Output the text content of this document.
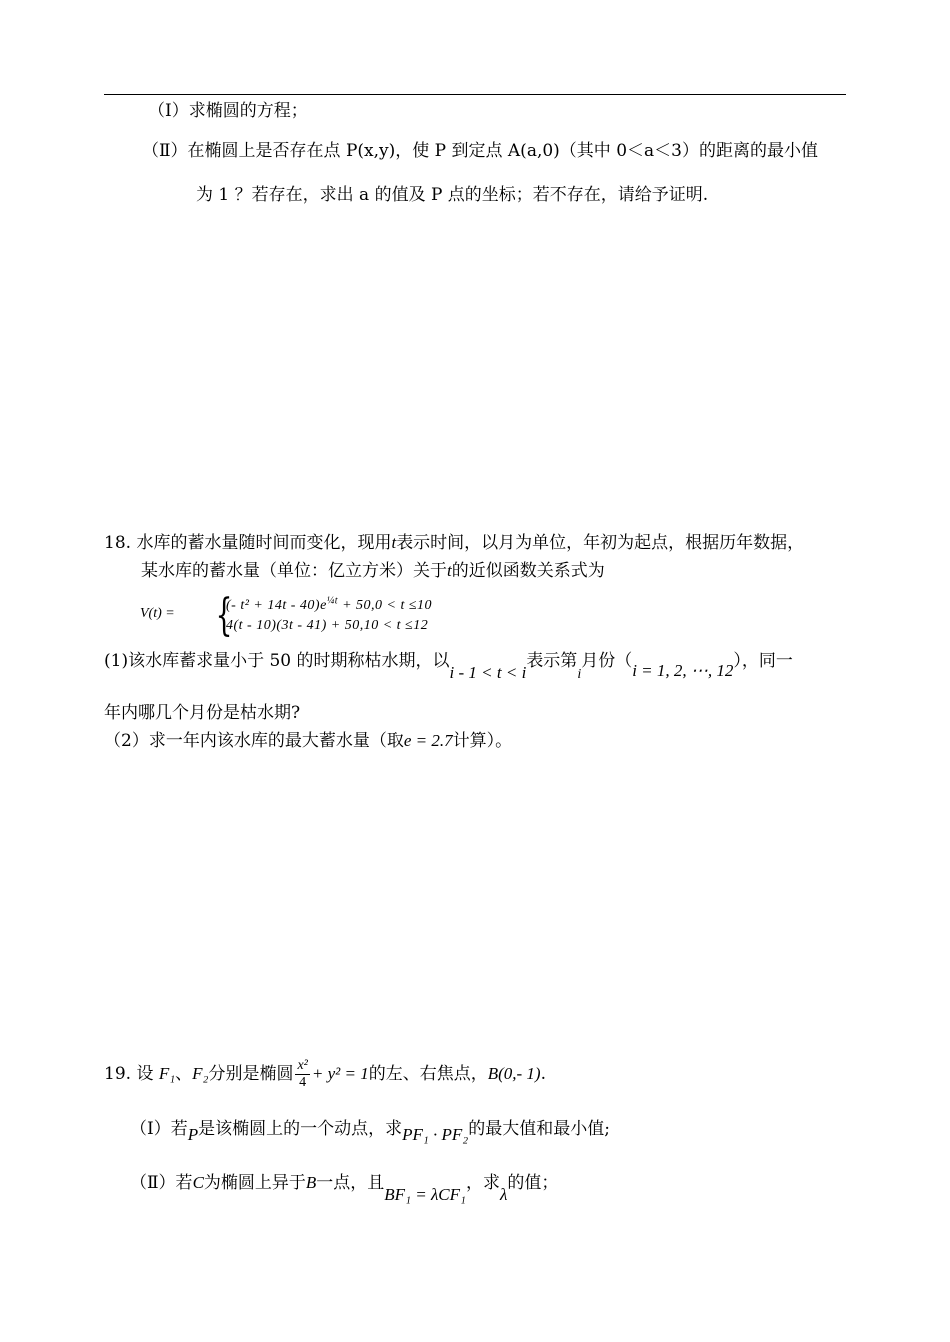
（Ⅰ）求椭圆的方程；
（Ⅱ）在椭圆上是否存在点 P(x,y)，使 P 到定点 A(a,0)（其中 0＜a＜3）的距离的最小值
为 1 ？若存在，求出 a 的值及 P 点的坐标；若不存在，请给予证明.
18. 水库的蓄水量随时间而变化，现用t表示时间，以月为单位，年初为起点，根据历年数据，
某水库的蓄水量（单位：亿立方米）关于t的近似函数关系式为
V(t) = {
(- $t^2 + 14t - 40)e^{\frac{1}{4}t} + 50,0 < t \le 10$
4(t - 10)(3t - 41) + 50,10 < t ≤12
(1)该水库蓄求量小于 50 的时期称枯水期，以i - 1 < t < i表示第$_i$月份（i = 1, 2, ⋯, 12），同一
年内哪几个月份是枯水期?
（2）求一年内该水库的最大蓄水量（取e = 2.7计算）。
19. 设 F₁、F₂分别是椭圆 $\frac{\text{x²}}{4} + y^2 = 1$的左、右焦点，B(0,- 1).
（Ⅰ）若P是该椭圆上的一个动点，求PF₁ · PF₂的最大值和最小值;
（Ⅱ）若C为椭圆上异于B一点，且BF₁ = λCF₁，求λ的值；
